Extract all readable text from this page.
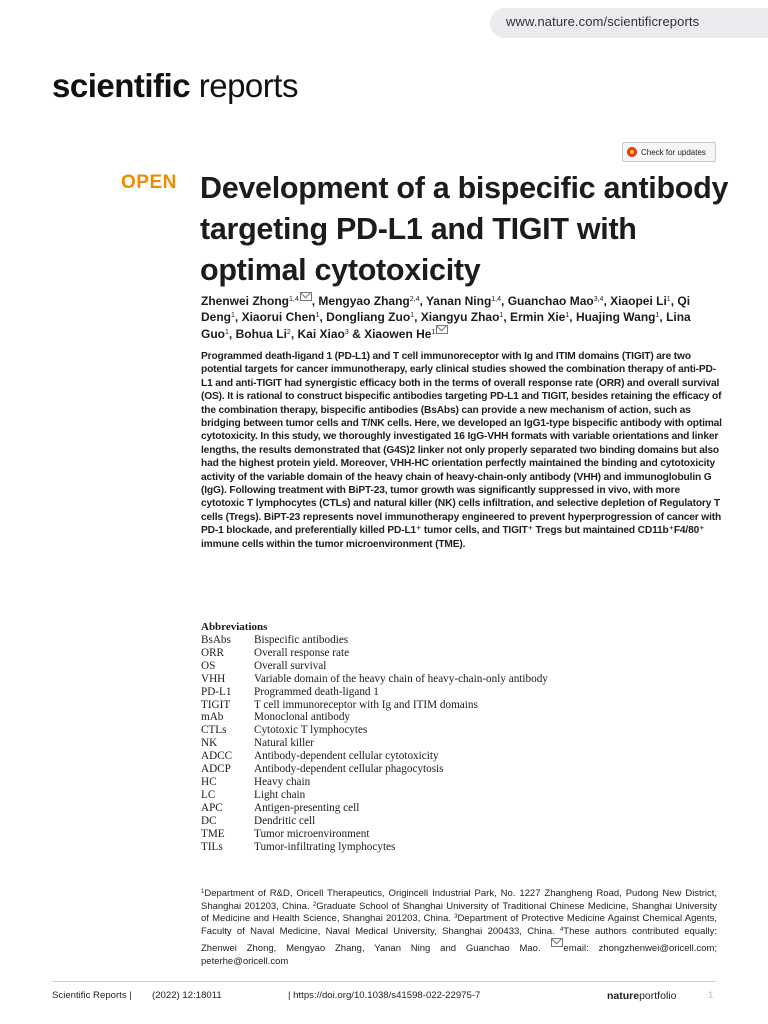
www.nature.com/scientificreports
scientific reports
Check for updates
OPEN Development of a bispecific antibody targeting PD-L1 and TIGIT with optimal cytotoxicity
Zhenwei Zhong$^{1,4}$ , Mengyao Zhang$^{2,4}$, Yanan Ning$^{1,4}$, Guanchao Mao$^{3,4}$, Xiaopei Li$^1$, Qi Deng$^1$, Xiaorui Chen$^1$, Dongliang Zuo$^1$, Xiangyu Zhao$^1$, Ermin Xie$^1$, Huajing Wang$^1$, Lina Guo$^1$, Bohua Li$^2$, Kai Xiao$^3$ & Xiaowen He$^1$
Programmed death-ligand 1 (PD-L1) and T cell immunoreceptor with Ig and ITIM domains (TIGIT) are two potential targets for cancer immunotherapy, early clinical studies showed the combination therapy of anti-PD-L1 and anti-TIGIT had synergistic efficacy both in the terms of overall response rate (ORR) and overall survival (OS). It is rational to construct bispecific antibodies targeting PD-L1 and TIGIT, besides retaining the efficacy of the combination therapy, bispecific antibodies (BsAbs) can provide a new mechanism of action, such as bridging between tumor cells and T/NK cells. Here, we developed an IgG1-type bispecific antibody with optimal cytotoxicity. In this study, we thoroughly investigated 16 IgG-VHH formats with variable orientations and linker lengths, the results demonstrated that (G4S)2 linker not only properly separated two binding domains but also had the highest protein yield. Moreover, VHH-HC orientation perfectly maintained the binding and cytotoxicity activity of the variable domain of the heavy chain of heavy-chain-only antibody (VHH) and immunoglobulin G (IgG). Following treatment with BiPT-23, tumor growth was significantly suppressed in vivo, with more cytotoxic T lymphocytes (CTLs) and natural killer (NK) cells infiltration, and selective depletion of Regulatory T cells (Tregs). BiPT-23 represents novel immunotherapy engineered to prevent hyperprogression of cancer with PD-1 blockade, and preferentially killed PD-L1⁺ tumor cells, and TIGIT⁺ Tregs but maintained CD11b⁺F4/80⁺ immune cells within the tumor microenvironment (TME).
Abbreviations
BsAbs	Bispecific antibodies
ORR	Overall response rate
OS	Overall survival
VHH	Variable domain of the heavy chain of heavy-chain-only antibody
PD-L1	Programmed death-ligand 1
TIGIT	T cell immunoreceptor with Ig and ITIM domains
mAb	Monoclonal antibody
CTLs	Cytotoxic T lymphocytes
NK	Natural killer
ADCC	Antibody-dependent cellular cytotoxicity
ADCP	Antibody-dependent cellular phagocytosis
HC	Heavy chain
LC	Light chain
APC	Antigen-presenting cell
DC	Dendritic cell
TME	Tumor microenvironment
TILs	Tumor-infiltrating lymphocytes
$^1$Department of R&D, Oricell Therapeutics, Origincell Industrial Park, No. 1227 Zhangheng Road, Pudong New District, Shanghai 201203, China. $^2$Graduate School of Shanghai University of Traditional Chinese Medicine, Shanghai University of Medicine and Health Science, Shanghai 201203, China. $^3$Department of Protective Medicine Against Chemical Agents, Faculty of Naval Medicine, Naval Medical University, Shanghai 200433, China. $^4$These authors contributed equally: Zhenwei Zhong, Mengyao Zhang, Yanan Ning and Guanchao Mao. email: zhongzhenwei@oricell.com; peterhe@oricell.com
Scientific Reports | (2022) 12:18011	| https://doi.org/10.1038/s41598-022-22975-7	natureportfolio	1
